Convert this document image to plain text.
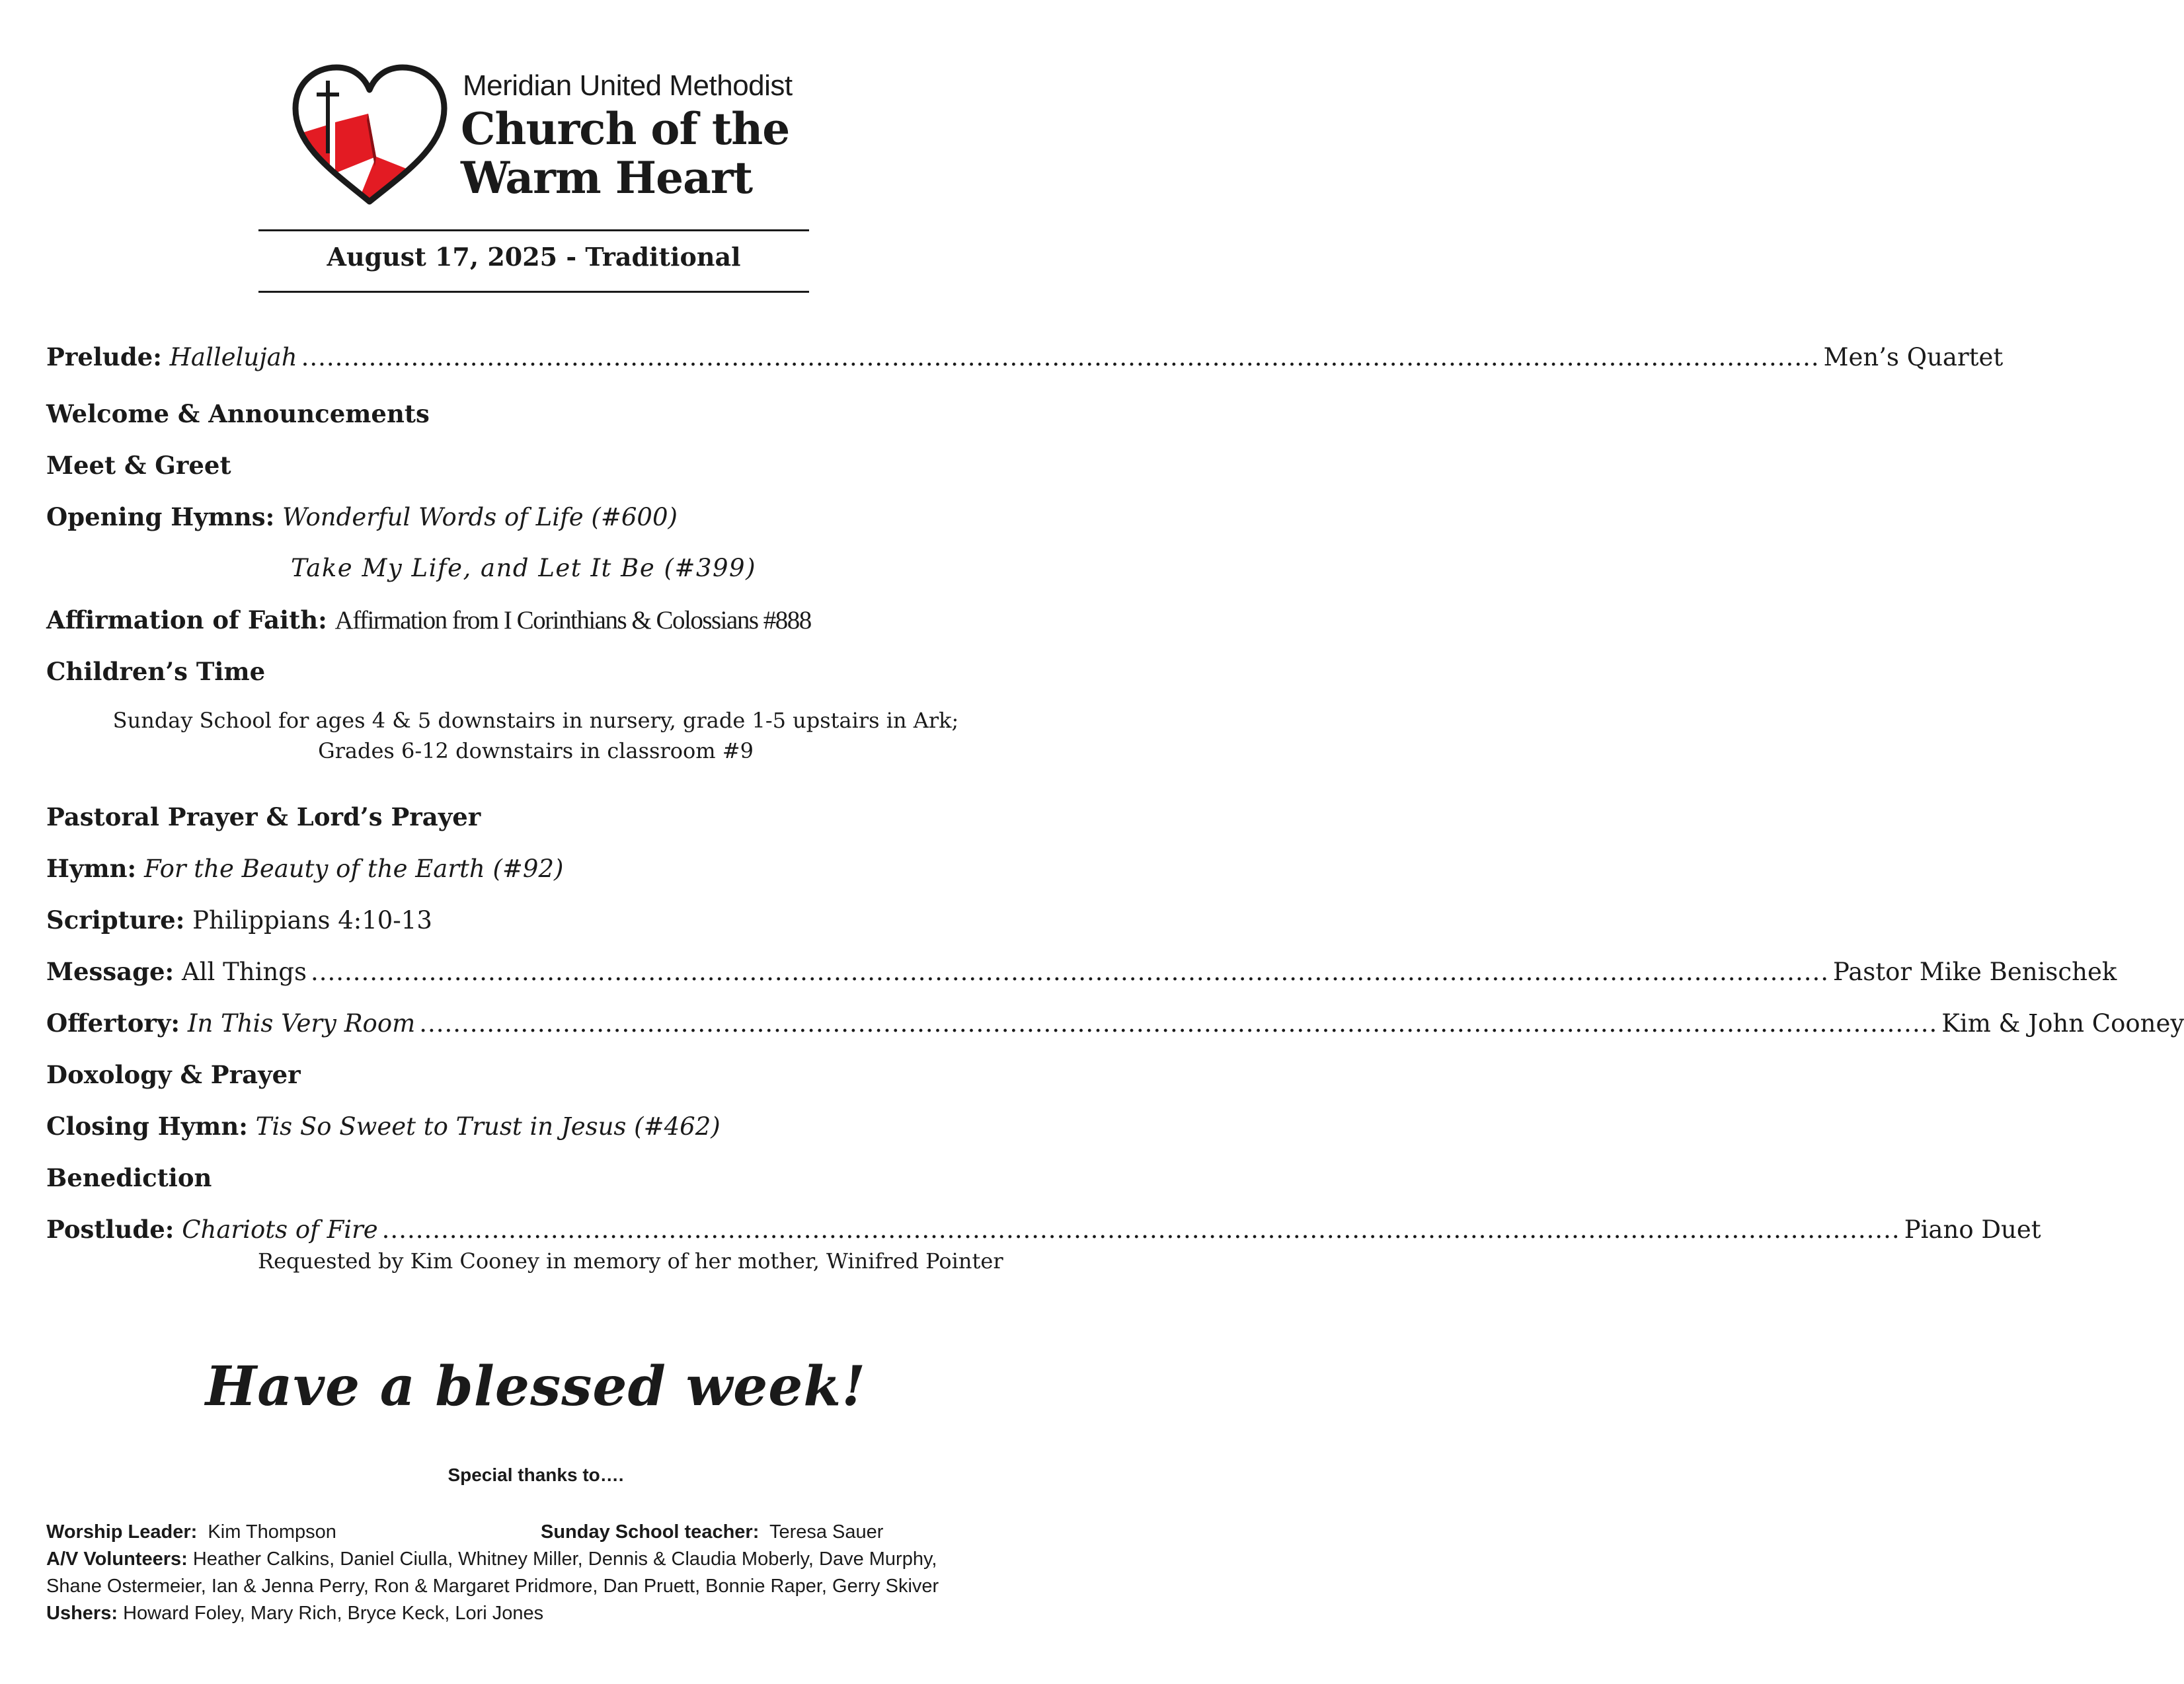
Meridian United Methodist
Church of the
Warm Heart
August 17, 2025 - Traditional
Prelude: Hallelujah .................................................................................................................................................................................... Men’s Quartet
Welcome & Announcements
Meet & Greet
Opening Hymns: Wonderful Words of Life (#600)
Take My Life, and Let It Be (#399)
Affirmation of Faith: Affirmation from I Corinthians & Colossians #888
Children’s Time
Sunday School for ages 4 & 5 downstairs in nursery, grade 1-5 upstairs in Ark;
Grades 6-12 downstairs in classroom #9
Pastoral Prayer & Lord’s Prayer
Hymn: For the Beauty of the Earth (#92)
Scripture: Philippians 4:10-13
Message: All Things .................................................................................................................................................................................... Pastor Mike Benischek
Offertory: In This Very Room .................................................................................................................................................................................... Kim & John Cooney
Doxology & Prayer
Closing Hymn: Tis So Sweet to Trust in Jesus (#462)
Benediction
Postlude: Chariots of Fire .................................................................................................................................................................................... Piano Duet
Requested by Kim Cooney in memory of her mother, Winifred Pointer
Have a blessed week!
Special thanks to….
Worship Leader: Kim Thompson	Sunday School teacher: Teresa Sauer
A/V Volunteers: Heather Calkins, Daniel Ciulla, Whitney Miller, Dennis & Claudia Moberly, Dave Murphy,
Shane Ostermeier, Ian & Jenna Perry, Ron & Margaret Pridmore, Dan Pruett, Bonnie Raper, Gerry Skiver
Ushers: Howard Foley, Mary Rich, Bryce Keck, Lori Jones
